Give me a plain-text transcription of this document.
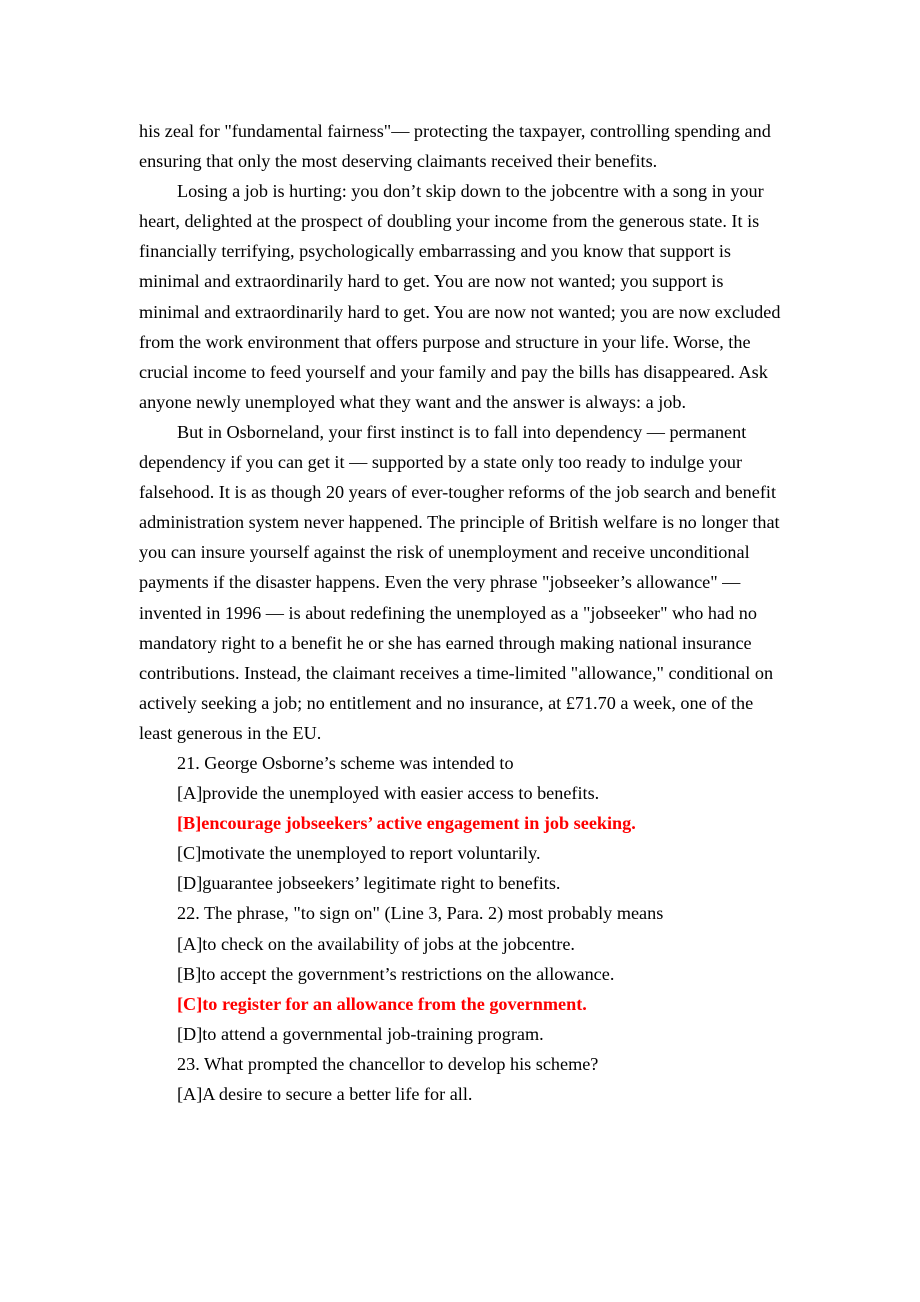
his zeal for "fundamental fairness"— protecting the taxpayer, controlling spending and ensuring that only the most deserving claimants received their benefits.

Losing a job is hurting: you don’t skip down to the jobcentre with a song in your heart, delighted at the prospect of doubling your income from the generous state. It is financially terrifying, psychologically embarrassing and you know that support is minimal and extraordinarily hard to get. You are now not wanted; you support is minimal and extraordinarily hard to get. You are now not wanted; you are now excluded from the work environment that offers purpose and structure in your life. Worse, the crucial income to feed yourself and your family and pay the bills has disappeared. Ask anyone newly unemployed what they want and the answer is always: a job.

But in Osborneland, your first instinct is to fall into dependency — permanent dependency if you can get it — supported by a state only too ready to indulge your falsehood. It is as though 20 years of ever-tougher reforms of the job search and benefit administration system never happened. The principle of British welfare is no longer that you can insure yourself against the risk of unemployment and receive unconditional payments if the disaster happens. Even the very phrase "jobseeker’s allowance" — invented in 1996 — is about redefining the unemployed as a "jobseeker" who had no mandatory right to a benefit he or she has earned through making national insurance contributions. Instead, the claimant receives a time-limited "allowance," conditional on actively seeking a job; no entitlement and no insurance, at £71.70 a week, one of the least generous in the EU.

21. George Osborne’s scheme was intended to
[A]provide the unemployed with easier access to benefits.
[B]encourage jobseekers’ active engagement in job seeking.
[C]motivate the unemployed to report voluntarily.
[D]guarantee jobseekers’ legitimate right to benefits.
22. The phrase, "to sign on" (Line 3, Para. 2) most probably means
[A]to check on the availability of jobs at the jobcentre.
[B]to accept the government’s restrictions on the allowance.
[C]to register for an allowance from the government.
[D]to attend a governmental job-training program.
23. What prompted the chancellor to develop his scheme?
[A]A desire to secure a better life for all.
